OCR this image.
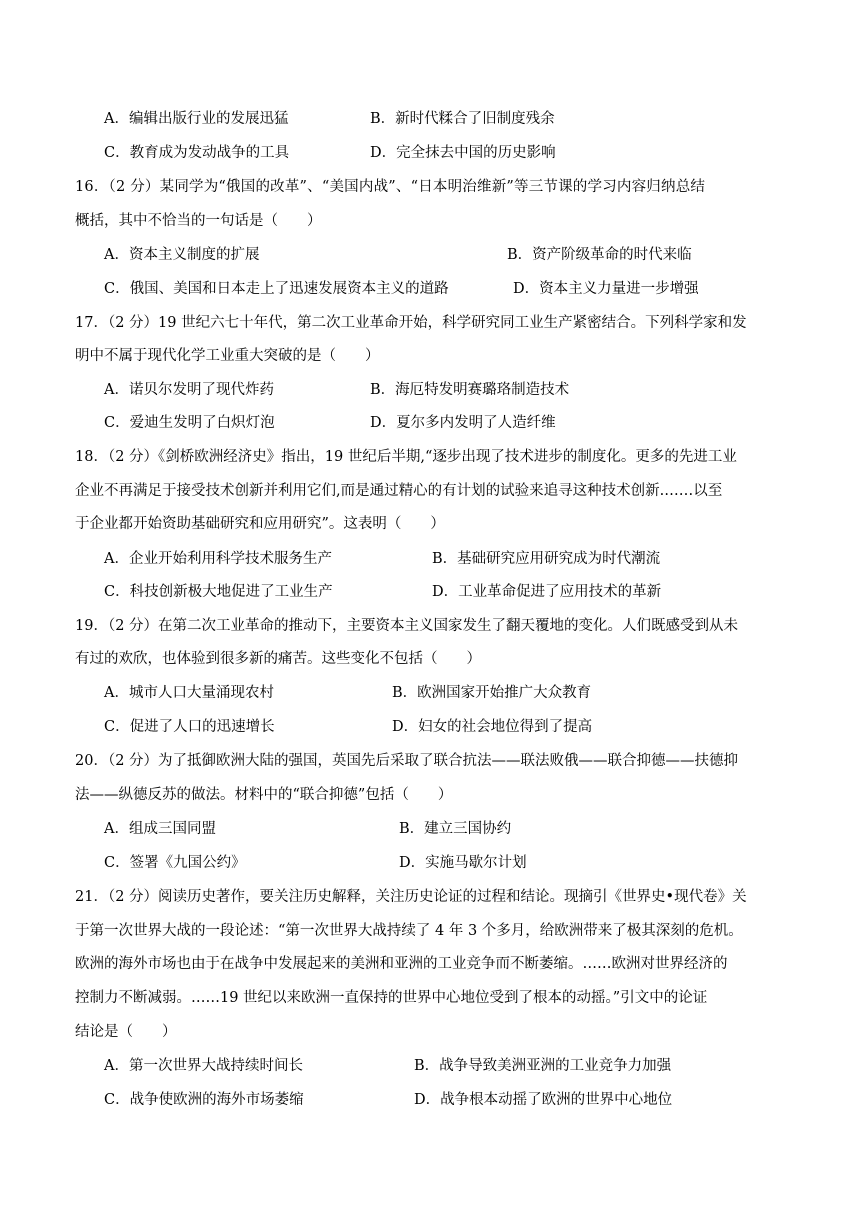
A．编辑出版行业的发展迅猛	B．新时代糅合了旧制度残余
C．教育成为发动战争的工具	D．完全抹去中国的历史影响
16．（2 分）某同学为“俄国的改革”、“美国内战”、“日本明治维新”等三节课的学习内容归纳总结
概括，其中不恰当的一句话是（　　）
A．资本主义制度的扩展	B．资产阶级革命的时代来临
C．俄国、美国和日本走上了迅速发展资本主义的道路	D．资本主义力量进一步增强
17．（2 分）19 世纪六七十年代，第二次工业革命开始，科学研究同工业生产紧密结合。下列科学家和发
明中不属于现代化学工业重大突破的是（　　）
A．诺贝尔发明了现代炸药	B．海厄特发明赛璐珞制造技术
C．爱迪生发明了白炽灯泡	D．夏尔多内发明了人造纤维
18．（2 分）《剑桥欧洲经济史》指出，19 世纪后半期,“逐步出现了技术进步的制度化。更多的先进工业
企业不再满足于接受技术创新并利用它们,而是通过精心的有计划的试验来追寻这种技术创新.……以至
于企业都开始资助基础研究和应用研究”。这表明（　　）
A．企业开始利用科学技术服务生产	B．基础研究应用研究成为时代潮流
C．科技创新极大地促进了工业生产	D．工业革命促进了应用技术的革新
19．（2 分）在第二次工业革命的推动下，主要资本主义国家发生了翻天覆地的变化。人们既感受到从未
有过的欢欣，也体验到很多新的痛苦。这些变化不包括（　　）
A．城市人口大量涌现农村	B．欧洲国家开始推广大众教育
C．促进了人口的迅速增长	D．妇女的社会地位得到了提高
20．（2 分）为了抵御欧洲大陆的强国，英国先后采取了联合抗法——联法败俄——联合抑德——扶德抑
法——纵德反苏的做法。材料中的“联合抑德”包括（　　）
A．组成三国同盟	B．建立三国协约
C．签署《九国公约》	D．实施马歇尔计划
21．（2 分）阅读历史著作，要关注历史解释，关注历史论证的过程和结论。现摘引《世界史•现代卷》关
于第一次世界大战的一段论述：“第一次世界大战持续了 4 年 3 个多月，给欧洲带来了极其深刻的危机。
欧洲的海外市场也由于在战争中发展起来的美洲和亚洲的工业竞争而不断萎缩。……欧洲对世界经济的
控制力不断减弱。……19 世纪以来欧洲一直保持的世界中心地位受到了根本的动摇。”引文中的论证
结论是（　　）
A．第一次世界大战持续时间长	B．战争导致美洲亚洲的工业竞争力加强
C．战争使欧洲的海外市场萎缩	D．战争根本动摇了欧洲的世界中心地位
